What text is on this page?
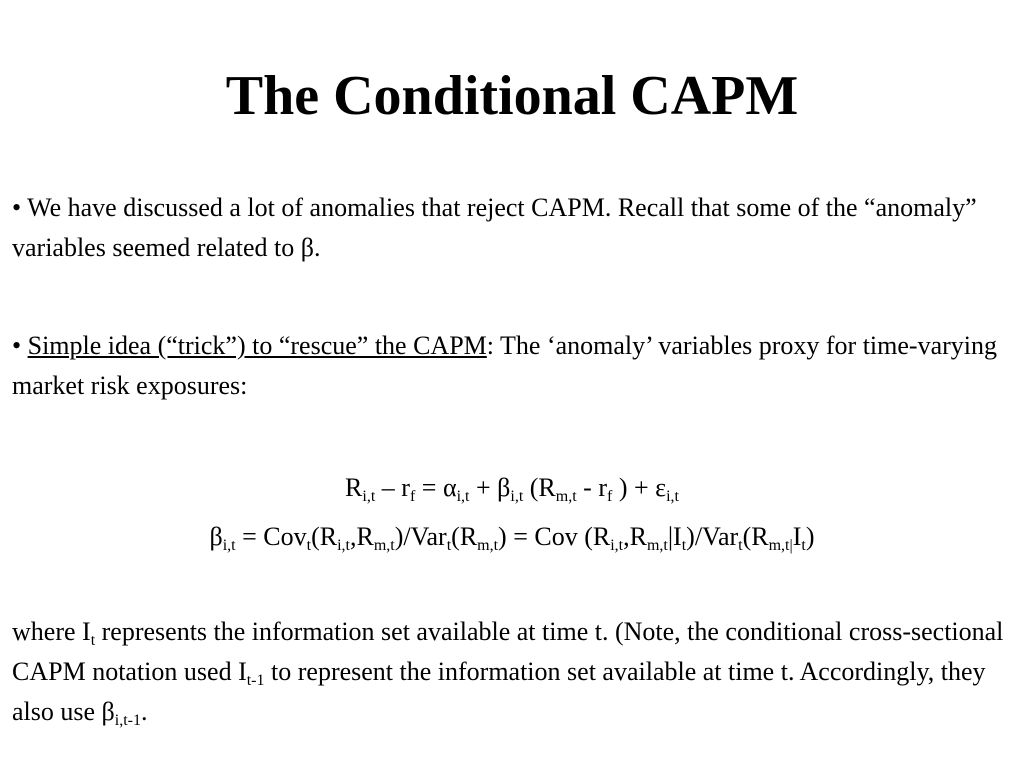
The Conditional CAPM
• We have discussed a lot of anomalies that reject CAPM. Recall that some of the “anomaly” variables seemed related to β.
• Simple idea (“trick”) to “rescue” the CAPM: The ‘anomaly’ variables proxy for time-varying market risk exposures:
$R_{i,t} - r_f = \alpha_{i,t} + \beta_{i,t}$ ($R_{m,t} - r_f$ ) + $\varepsilon_{i,t}$
$\beta_{i,t} = Cov_t(R_{i,t},R_{m,t})/Var_t(R_{m,t})$ = Cov $(R_{i,t},R_{m,t}|I_t)/Var_t(R_{m,t|}I_t)$
where $I_t$ represents the information set available at time t. (Note, the conditional cross-sectional CAPM notation used $I_{t-1}$ to represent the information set available at time t. Accordingly, they also use $\beta_{i,t-1}$.
